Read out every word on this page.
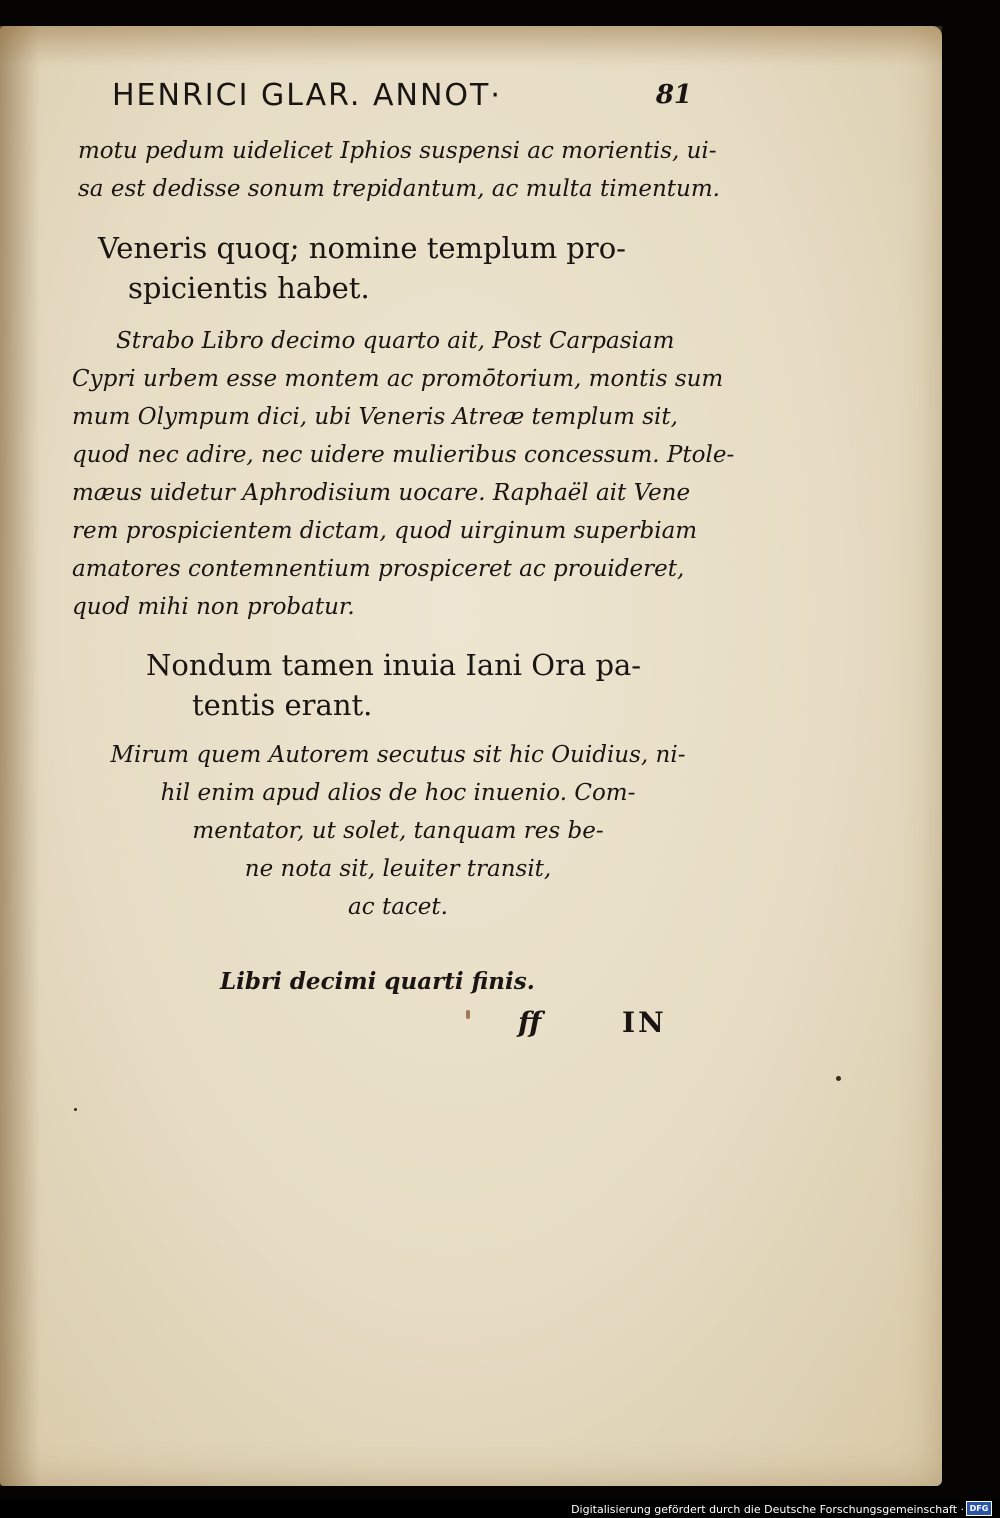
HENRICI GLAR. ANNOT·	81
motu pedum uidelicet Iphios suspensi ac morientis, ui-
sa est dedisse sonum trepidantum, ac multa timentum.
Veneris quoq; nomine templum pro-
spicientis habet.
Strabo Libro decimo quarto ait, Post Carpasiam
Cypri urbem esse montem ac promōtorium, montis sum
mum Olympum dici, ubi Veneris Atreæ templum sit,
quod nec adire, nec uidere mulieribus concessum. Ptole-
mæus uidetur Aphrodisium uocare. Raphaël ait Vene
rem prospicientem dictam, quod uirginum superbiam
amatores contemnentium prospiceret ac prouideret,
quod mihi non probatur.
Nondum tamen inuia Iani Ora pa-
tentis erant.
Mirum quem Autorem secutus sit hic Ouidius, ni-
hil enim apud alios de hoc inuenio. Com-
mentator, ut solet, tanquam res be-
ne nota sit, leuiter transit,
ac tacet.
Libri decimi quarti finis.
ff	IN
Digitalisierung gefördert durch die Deutsche Forschungsgemeinschaft · DFG
